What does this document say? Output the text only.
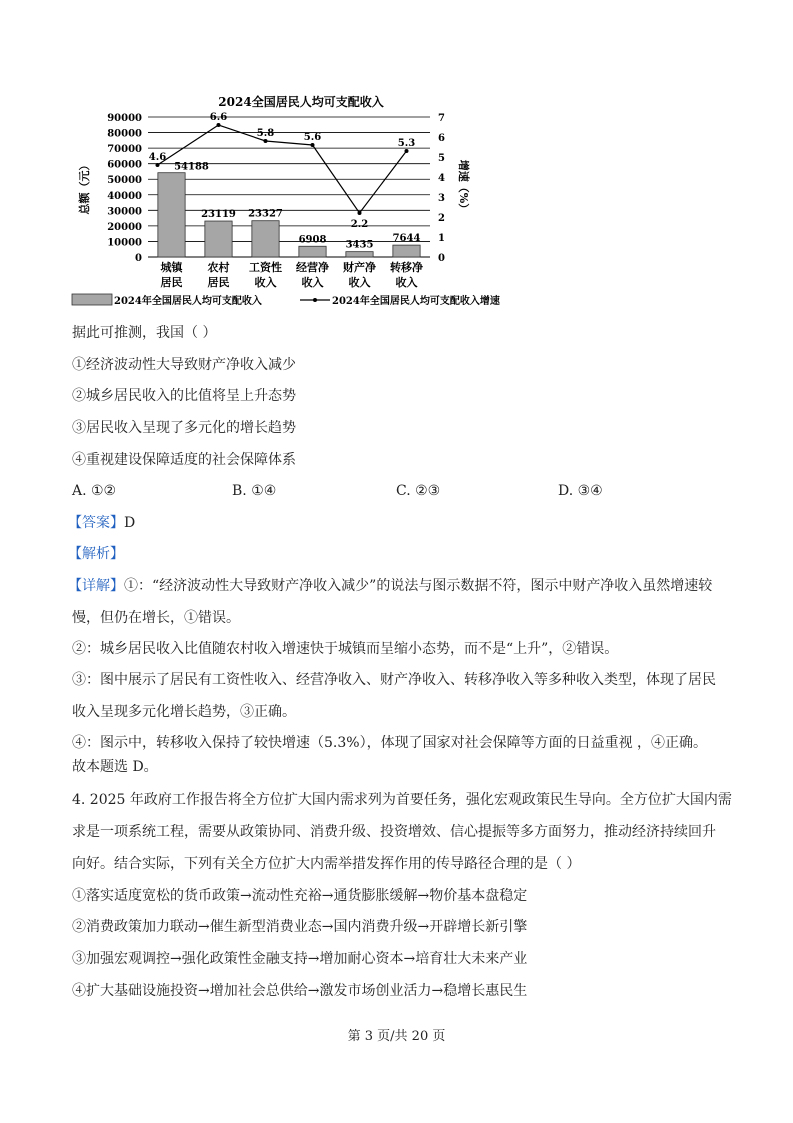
2024全国居民人均可支配收入
54188
23119 23327
6908 3435
7644
0
10000
20000
30000
40000
50000
60000
70000
80000
90000
0
1
2
3
4
5
6
7
城镇
居民
农村
居民
工资性
收入
经营净
收入
财产净
收入
转移净
收入
4.6
6.6
5.8	5.6
2.2
5.3
总额（元）	增速（%）
2024年全国居民人均可支配收入	2024年全国居民人均可支配收入增速
据此可推测，我国（ ）
①经济波动性大导致财产净收入减少
②城乡居民收入的比值将呈上升态势
③居民收入呈现了多元化的增长趋势
④重视建设保障适度的社会保障体系
A. ①②	B. ①④	C. ②③	D. ③④
【答案】D
【解析】
【详解】①：“经济波动性大导致财产净收入减少”的说法与图示数据不符，图示中财产净收入虽然增速较
慢，但仍在增长，①错误。
②：城乡居民收入比值随农村收入增速快于城镇而呈缩小态势，而不是“上升”，②错误。
③：图中展示了居民有工资性收入、经营净收入、财产净收入、转移净收入等多种收入类型，体现了居民
收入呈现多元化增长趋势，③正确。
④：图示中，转移收入保持了较快增速（5.3%），体现了国家对社会保障等方面的日益重视 ，④正确。
故本题选 D。
4. 2025 年政府工作报告将全方位扩大国内需求列为首要任务，强化宏观政策民生导向。全方位扩大国内需
求是一项系统工程，需要从政策协同、消费升级、投资增效、信心提振等多方面努力，推动经济持续回升
向好。结合实际，下列有关全方位扩大内需举措发挥作用的传导路径合理的是（ ）
①落实适度宽松的货币政策→流动性充裕→通货膨胀缓解→物价基本盘稳定
②消费政策加力联动→催生新型消费业态→国内消费升级→开辟增长新引擎
③加强宏观调控→强化政策性金融支持→增加耐心资本→培育壮大未来产业
④扩大基础设施投资→增加社会总供给→激发市场创业活力→稳增长惠民生
第 3 页/共 20 页
